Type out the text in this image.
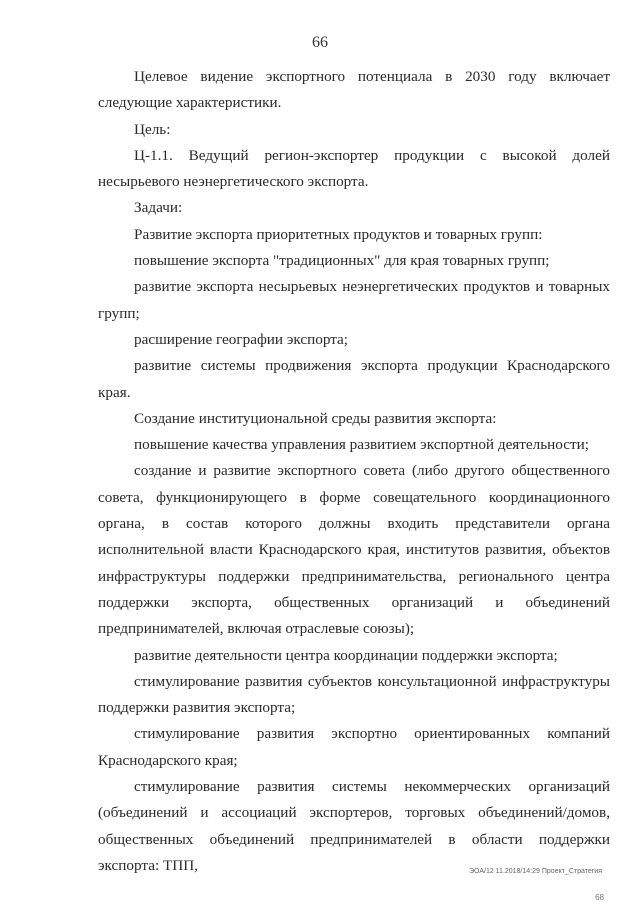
66

Целевое видение экспортного потенциала в 2030 году включает следующие характеристики.

Цель:

Ц-1.1. Ведущий регион-экспортер продукции с высокой долей несырьевого неэнергетического экспорта.

Задачи:

Развитие экспорта приоритетных продуктов и товарных групп:

повышение экспорта "традиционных" для края товарных групп;

развитие экспорта несырьевых неэнергетических продуктов и товарных групп;

расширение географии экспорта;

развитие системы продвижения экспорта продукции Краснодарского края.

Создание институциональной среды развития экспорта:

повышение качества управления развитием экспортной деятельности;

создание и развитие экспортного совета (либо другого общественного совета, функционирующего в форме совещательного координационного органа, в состав которого должны входить представители органа исполнительной власти Краснодарского края, институтов развития, объектов инфраструктуры поддержки предпринимательства, регионального центра поддержки экспорта, общественных организаций и объединений предпринимателей, включая отраслевые союзы);

развитие деятельности центра координации поддержки экспорта;

стимулирование развития субъектов консультационной инфраструктуры поддержки развития экспорта;

стимулирование развития экспортно ориентированных компаний Краснодарского края;

стимулирование развития системы некоммерческих организаций (объединений и ассоциаций экспортеров, торговых объединений/домов, общественных объединений предпринимателей в области поддержки экспорта: ТПП,	ЭОА/12 11.2018/14:29 Проект_Стратегия
68
